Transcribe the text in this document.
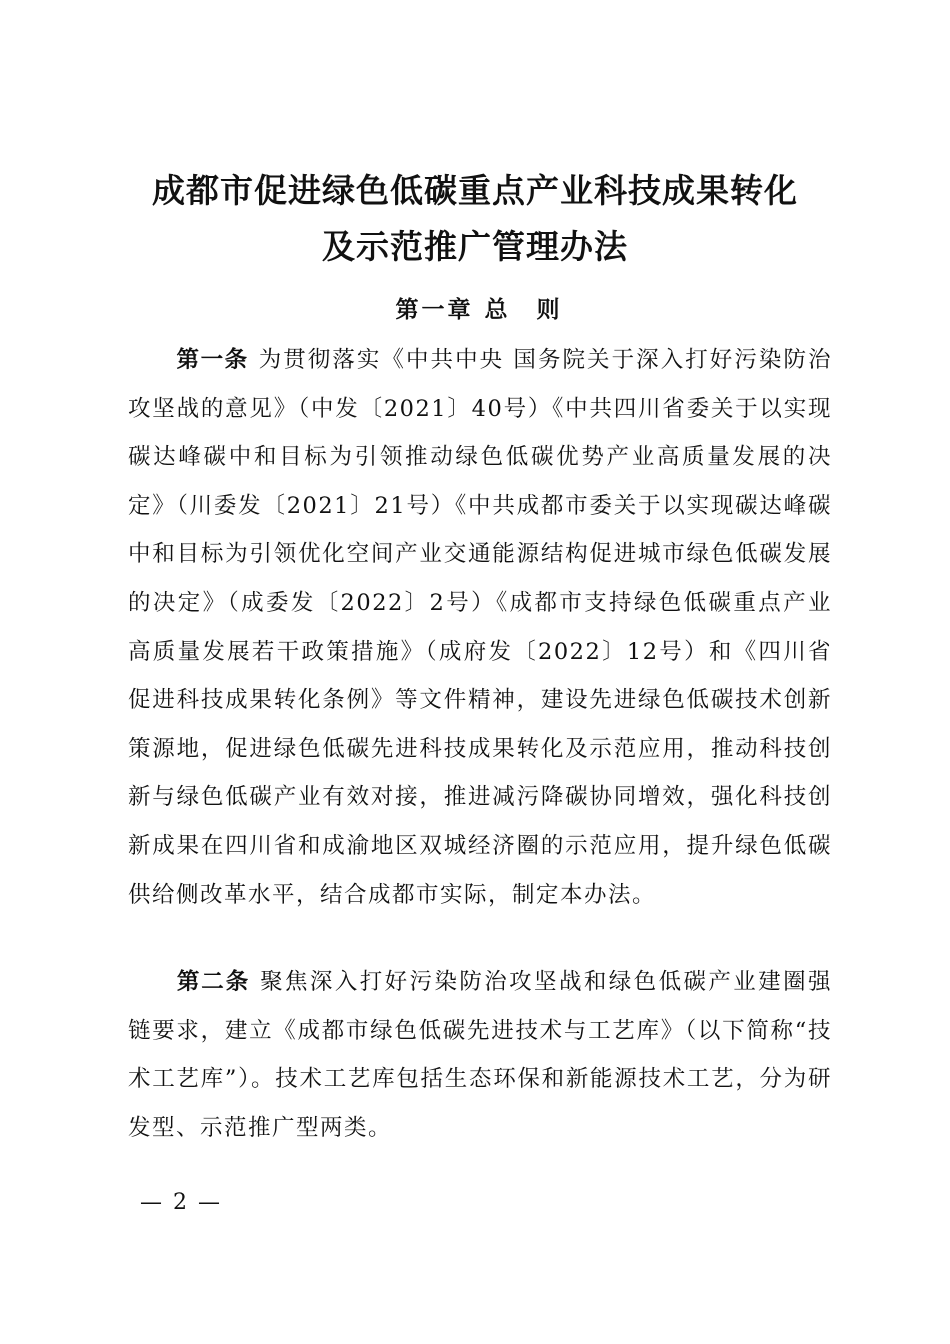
成都市促进绿色低碳重点产业科技成果转化
及示范推广管理办法
第一章 总　则

第一条 为贯彻落实《中共中央 国务院关于深入打好污染防治攻坚战的意见》（中发〔2021〕40号）《中共四川省委关于以实现碳达峰碳中和目标为引领推动绿色低碳优势产业高质量发展的决定》（川委发〔2021〕21号）《中共成都市委关于以实现碳达峰碳中和目标为引领优化空间产业交通能源结构促进城市绿色低碳发展的决定》（成委发〔2022〕2号）《成都市支持绿色低碳重点产业高质量发展若干政策措施》（成府发〔2022〕12号）和《四川省促进科技成果转化条例》等文件精神，建设先进绿色低碳技术创新策源地，促进绿色低碳先进科技成果转化及示范应用，推动科技创新与绿色低碳产业有效对接，推进减污降碳协同增效，强化科技创新成果在四川省和成渝地区双城经济圈的示范应用，提升绿色低碳供给侧改革水平，结合成都市实际，制定本办法。

第二条 聚焦深入打好污染防治攻坚战和绿色低碳产业建圈强链要求，建立《成都市绿色低碳先进技术与工艺库》（以下简称“技术工艺库”）。技术工艺库包括生态环保和新能源技术工艺，分为研发型、示范推广型两类。

— 2 —
